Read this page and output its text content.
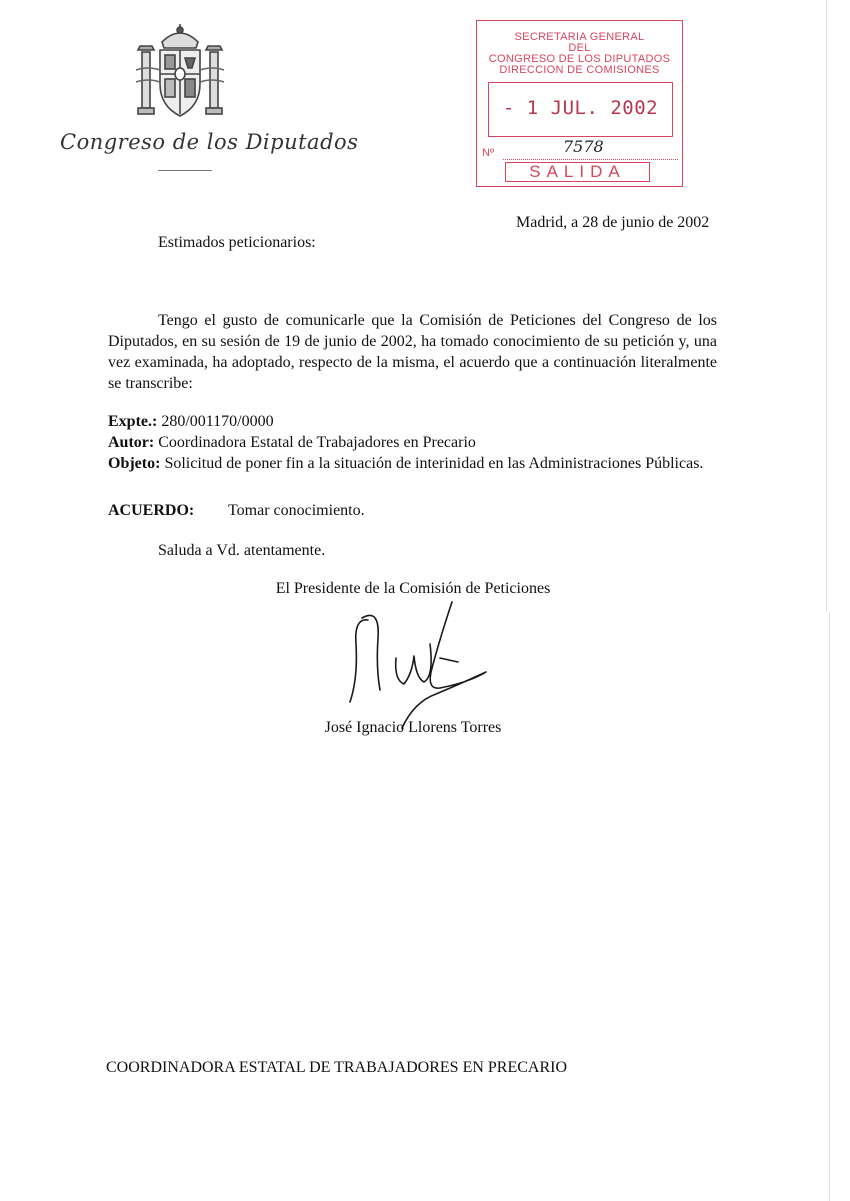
Congreso de los Diputados
SECRETARIA GENERAL
DEL
CONGRESO DE LOS DIPUTADOS
DIRECCION DE COMISIONES
- 1 JUL. 2002
Nº	7578
SALIDA
Madrid, a 28 de junio de 2002
Estimados peticionarios:

Tengo el gusto de comunicarle que la Comisión de Peticiones del Congreso de los Diputados, en su sesión de 19 de junio de 2002, ha tomado conocimiento de su petición y, una vez examinada, ha adoptado, respecto de la misma, el acuerdo que a continuación literalmente se transcribe:

Expte.: 280/001170/0000
Autor: Coordinadora Estatal de Trabajadores en Precario
Objeto: Solicitud de poner fin a la situación de interinidad en las Administraciones Públicas.
ACUERDO: Tomar conocimiento.
Saluda a Vd. atentamente.
El Presidente de la Comisión de Peticiones
José Ignacio Llorens Torres
COORDINADORA ESTATAL DE TRABAJADORES EN PRECARIO
